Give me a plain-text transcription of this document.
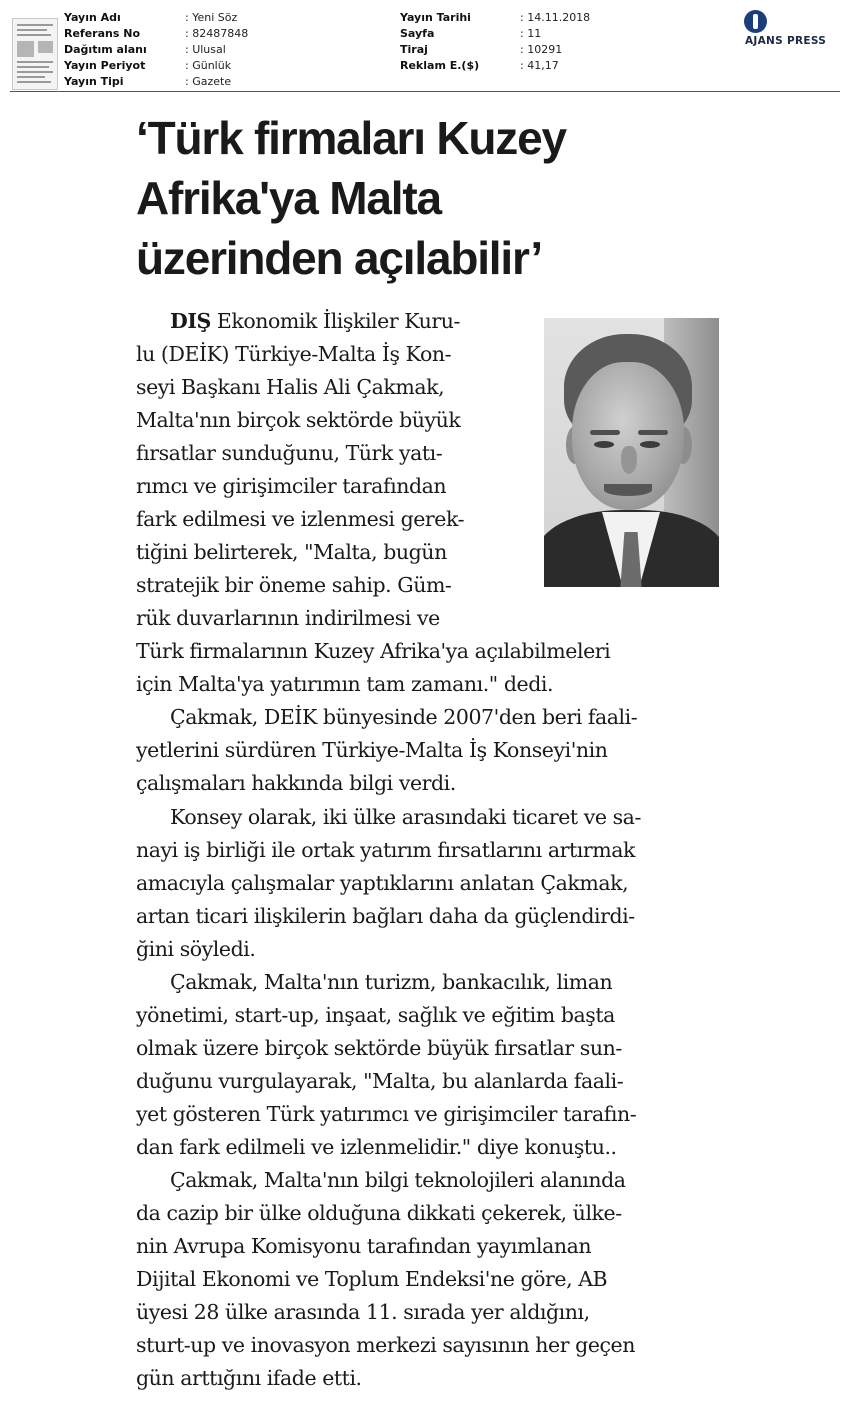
Yayın Adı	: Yeni Söz
Referans No	: 82487848
Dağıtım alanı	: Ulusal
Yayın Periyot	: Günlük
Yayın Tipi	: Gazete
Yayın Tarihi	: 14.11.2018
Sayfa	: 11
Tiraj	: 10291
Reklam E.($)	: 41,17
AJANS PRESS
‘Türk firmaları Kuzey
Afrika'ya Malta
üzerinden açılabilir’
DIŞ Ekonomik İlişkiler Kuru-
lu (DEİK) Türkiye-Malta İş Kon-
seyi Başkanı Halis Ali Çakmak,
Malta'nın birçok sektörde büyük
fırsatlar sunduğunu, Türk yatı-
rımcı ve girişimciler tarafından
fark edilmesi ve izlenmesi gerek-
tiğini belirterek, "Malta, bugün
stratejik bir öneme sahip. Güm-
rük duvarlarının indirilmesi ve
Türk firmalarının Kuzey Afrika'ya açılabilmeleri
için Malta'ya yatırımın tam zamanı." dedi.
Çakmak, DEİK bünyesinde 2007'den beri faali-
yetlerini sürdüren Türkiye-Malta İş Konseyi'nin
çalışmaları hakkında bilgi verdi.
Konsey olarak, iki ülke arasındaki ticaret ve sa-
nayi iş birliği ile ortak yatırım fırsatlarını artırmak
amacıyla çalışmalar yaptıklarını anlatan Çakmak,
artan ticari ilişkilerin bağları daha da güçlendirdi-
ğini söyledi.
Çakmak, Malta'nın turizm, bankacılık, liman
yönetimi, start-up, inşaat, sağlık ve eğitim başta
olmak üzere birçok sektörde büyük fırsatlar sun-
duğunu vurgulayarak, "Malta, bu alanlarda faali-
yet gösteren Türk yatırımcı ve girişimciler tarafın-
dan fark edilmeli ve izlenmelidir." diye konuştu..
Çakmak, Malta'nın bilgi teknolojileri alanında
da cazip bir ülke olduğuna dikkati çekerek, ülke-
nin Avrupa Komisyonu tarafından yayımlanan
Dijital Ekonomi ve Toplum Endeksi'ne göre, AB
üyesi 28 ülke arasında 11. sırada yer aldığını,
sturt-up ve inovasyon merkezi sayısının her geçen
gün arttığını ifade etti.
